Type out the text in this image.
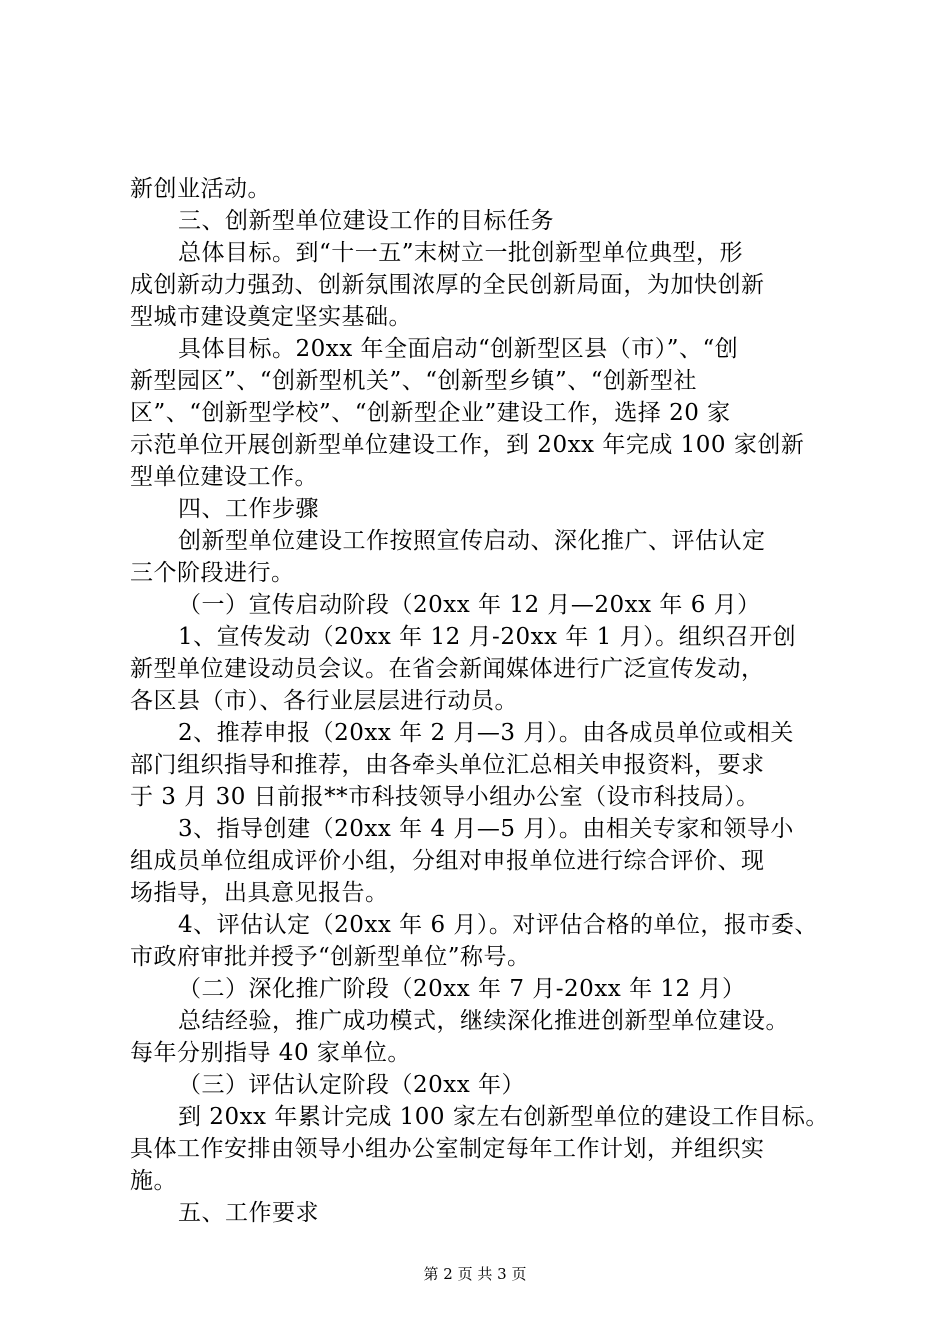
新创业活动。
三、创新型单位建设工作的目标任务
总体目标。到“十一五”末树立一批创新型单位典型，形
成创新动力强劲、创新氛围浓厚的全民创新局面，为加快创新
型城市建设奠定坚实基础。
具体目标。20xx 年全面启动“创新型区县（市）”、“创
新型园区”、“创新型机关”、“创新型乡镇”、“创新型社
区”、“创新型学校”、“创新型企业”建设工作，选择 20 家
示范单位开展创新型单位建设工作，到 20xx 年完成 100 家创新
型单位建设工作。
四、工作步骤
创新型单位建设工作按照宣传启动、深化推广、评估认定
三个阶段进行。
（一）宣传启动阶段（20xx 年 12 月—20xx 年 6 月）
1、宣传发动（20xx 年 12 月-20xx 年 1 月）。组织召开创
新型单位建设动员会议。在省会新闻媒体进行广泛宣传发动，
各区县（市）、各行业层层进行动员。
2、推荐申报（20xx 年 2 月—3 月）。由各成员单位或相关
部门组织指导和推荐，由各牵头单位汇总相关申报资料，要求
于 3 月 30 日前报**市科技领导小组办公室（设市科技局）。
3、指导创建（20xx 年 4 月—5 月）。由相关专家和领导小
组成员单位组成评价小组，分组对申报单位进行综合评价、现
场指导，出具意见报告。
4、评估认定（20xx 年 6 月）。对评估合格的单位，报市委、
市政府审批并授予“创新型单位”称号。
（二）深化推广阶段（20xx 年 7 月-20xx 年 12 月）
总结经验，推广成功模式，继续深化推进创新型单位建设。
每年分别指导 40 家单位。
（三）评估认定阶段（20xx 年）
到 20xx 年累计完成 100 家左右创新型单位的建设工作目标。
具体工作安排由领导小组办公室制定每年工作计划，并组织实
施。
五、工作要求
第 2 页 共 3 页
